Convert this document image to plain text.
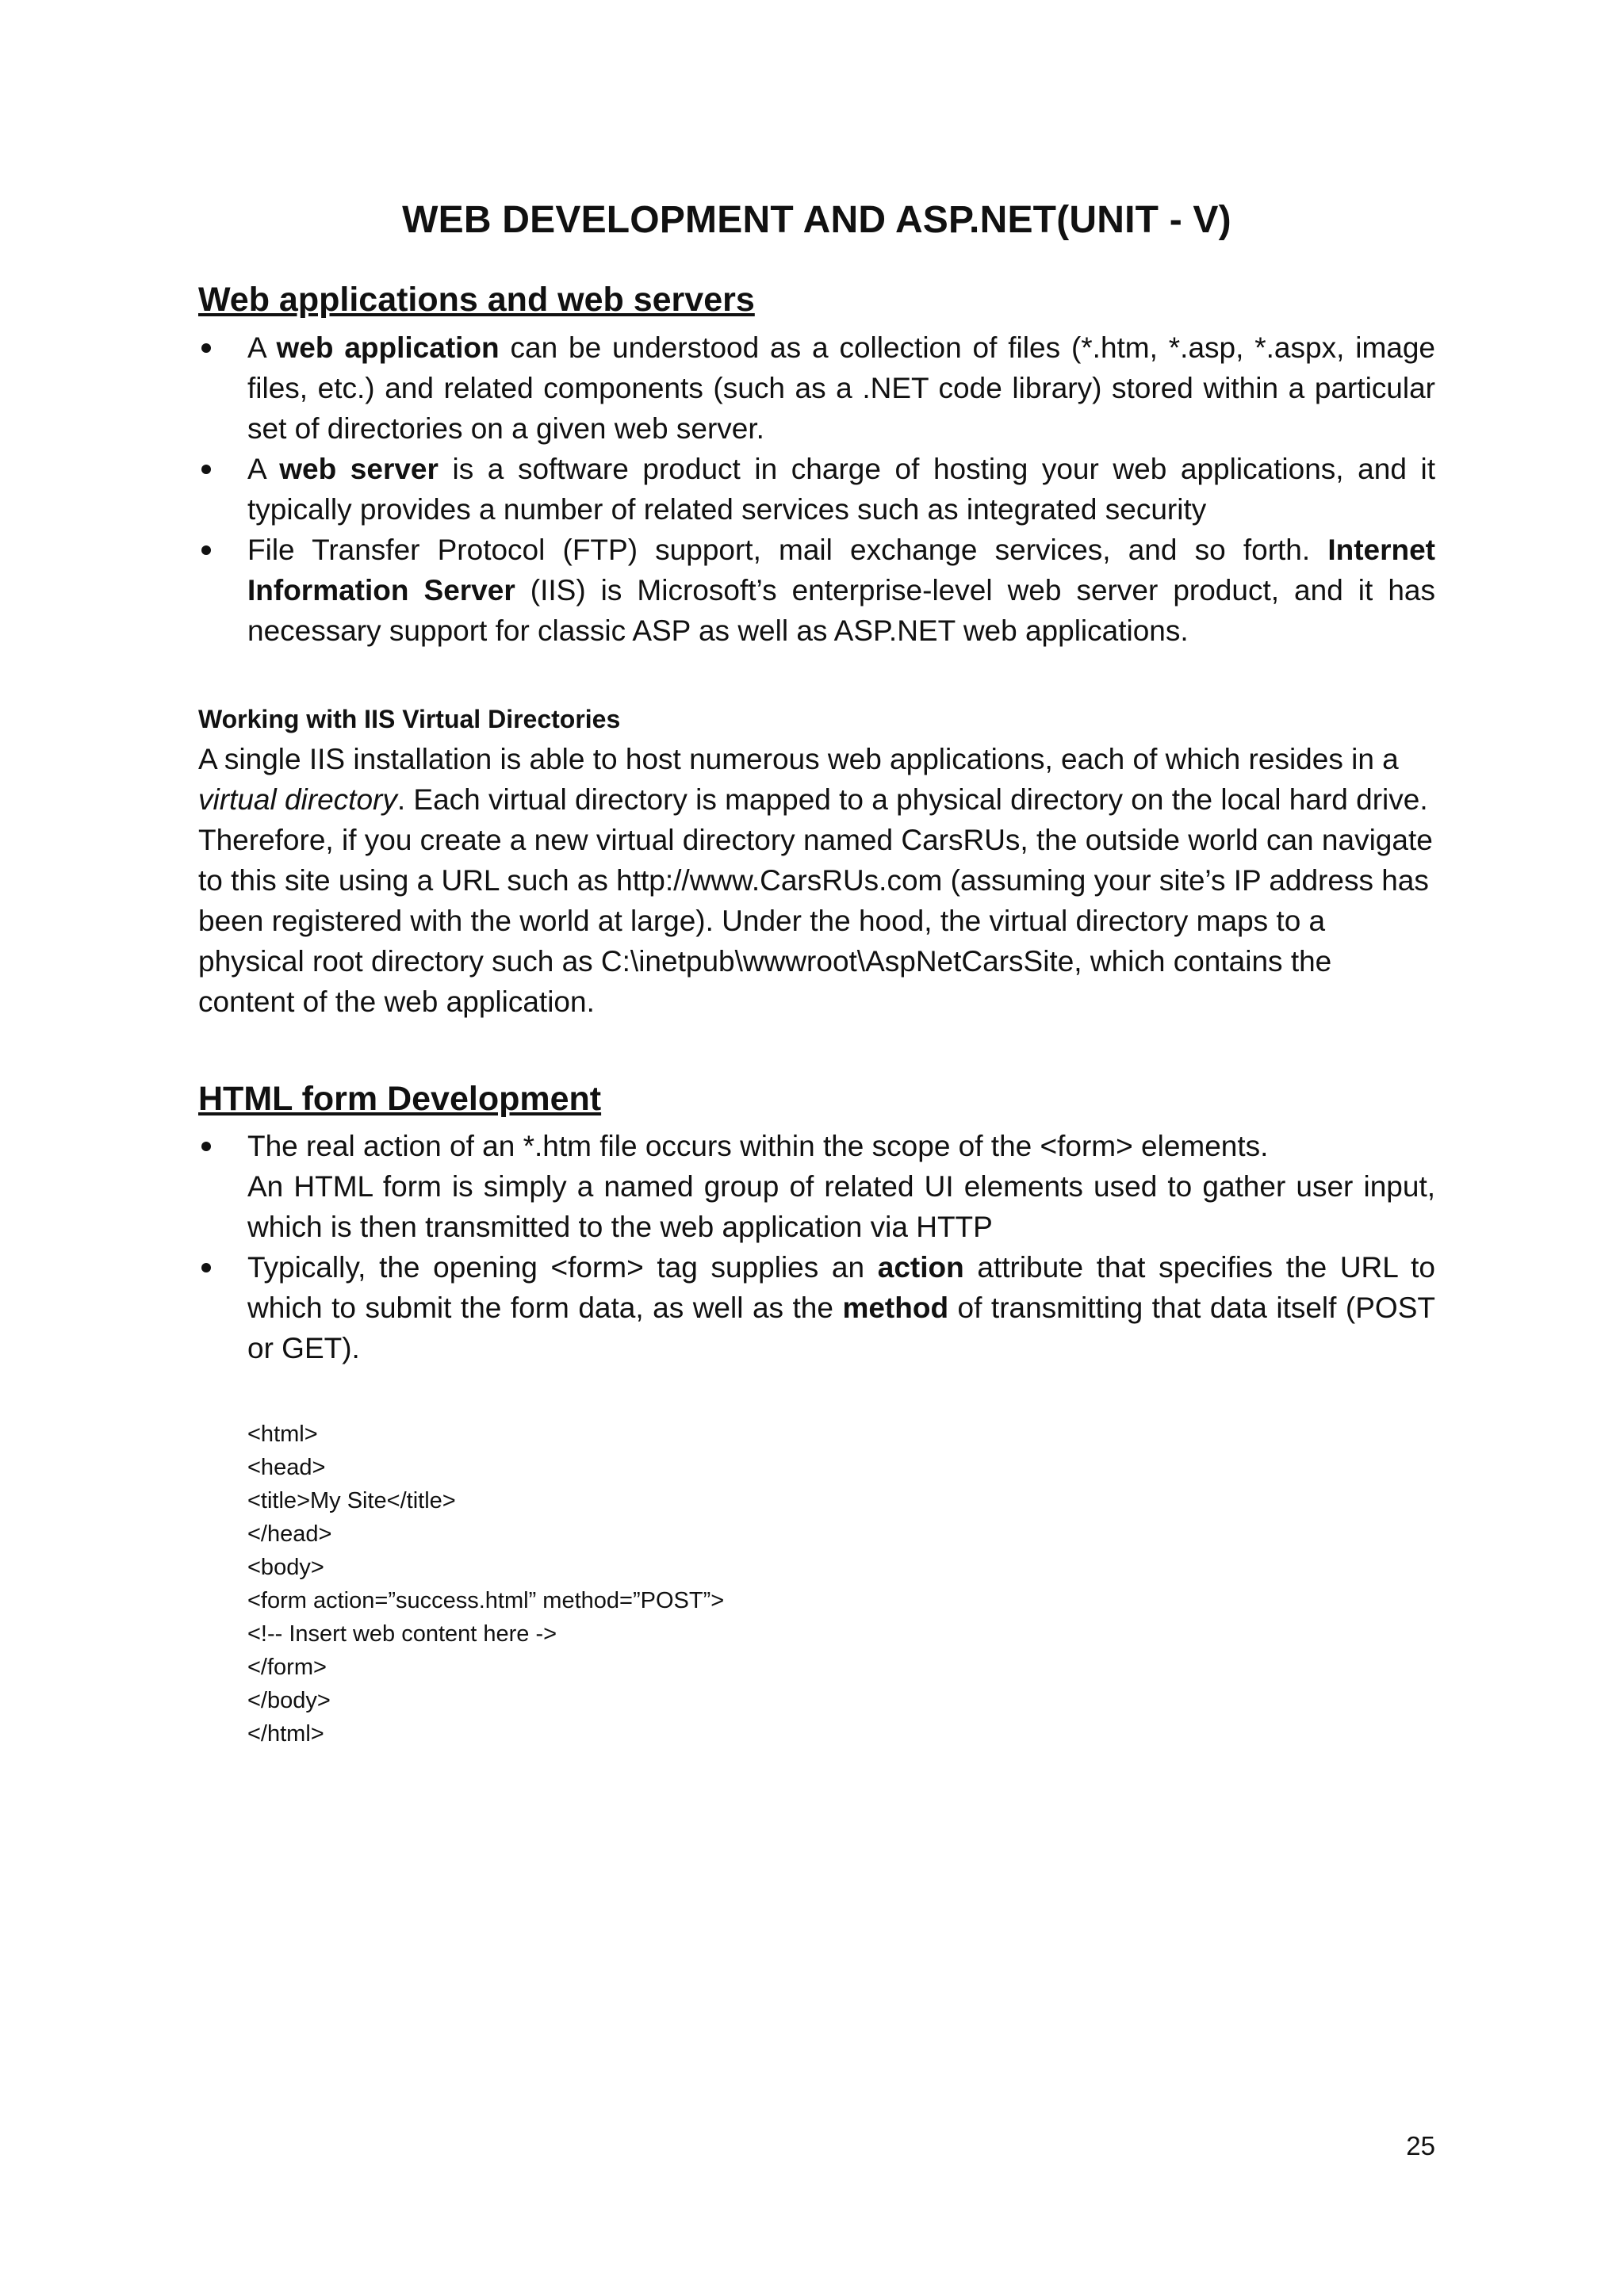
WEB DEVELOPMENT AND ASP.NET(UNIT - V)
Web applications and web servers
A web application can be understood as a collection of files (*.htm, *.asp, *.aspx, image files, etc.) and related components (such as a .NET code library) stored within a particular set of directories on a given web server.
A web server is a software product in charge of hosting your web applications, and it typically provides a number of related services such as integrated security
File Transfer Protocol (FTP) support, mail exchange services, and so forth. Internet Information Server (IIS) is Microsoft’s enterprise-level web server product, and it has necessary support for classic ASP as well as ASP.NET web applications.
Working with IIS Virtual Directories

A single IIS installation is able to host numerous web applications, each of which resides in a virtual directory. Each virtual directory is mapped to a physical directory on the local hard drive. Therefore, if you create a new virtual directory named CarsRUs, the outside world can navigate to this site using a URL such as http://www.CarsRUs.com (assuming your site’s IP address has been registered with the world at large). Under the hood, the virtual directory maps to a physical root directory such as C:\inetpub\wwwroot\AspNetCarsSite, which contains the content of the web application.

HTML form Development
The real action of an *.htm file occurs within the scope of the <form> elements.
An HTML form is simply a named group of related UI elements used to gather user input, which is then transmitted to the web application via HTTP
Typically, the opening <form> tag supplies an action attribute that specifies the URL to which to submit the form data, as well as the method of transmitting that data itself (POST or GET).
<html>
<head>
<title>My Site</title>
</head>
<body>
<form action=”success.html” method=”POST”>
<!-- Insert web content here ->
</form>
</body>
</html>
25
